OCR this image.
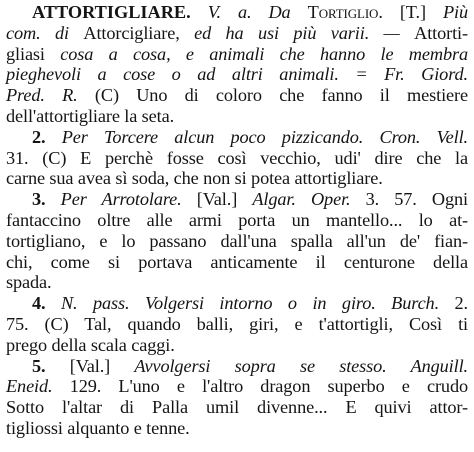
ATTORTIGLIARE. V. a. Da Tortiglio. [T.] Più
com. di Attorcigliare, ed ha usi più varii. — Attorti-
gliasi cosa a cosa, e animali che hanno le membra
pieghevoli a cose o ad altri animali. = Fr. Giord.
Pred. R. (C) Uno di coloro che fanno il mestiere
dell'attortigliare la seta.
2. Per Torcere alcun poco pizzicando. Cron. Vell.
31. (C) E perchè fosse così vecchio, udi' dire che la
carne sua avea sì soda, che non si potea attortigliare.
3. Per Arrotolare. [Val.] Algar. Oper. 3. 57. Ogni
fantaccino oltre alle armi porta un mantello... lo at-
tortigliano, e lo passano dall'una spalla all'un de' fian-
chi, come si portava anticamente il centurone della
spada.
4. N. pass. Volgersi intorno o in giro. Burch. 2.
75. (C) Tal, quando balli, giri, e t'attortigli, Così ti
prego della scala caggi.
5. [Val.] Avvolgersi sopra se stesso. Anguill.
Eneid. 129. L'uno e l'altro dragon superbo e crudo
Sotto l'altar di Palla umil divenne... E quivi attor-
tigliossi alquanto e tenne.
